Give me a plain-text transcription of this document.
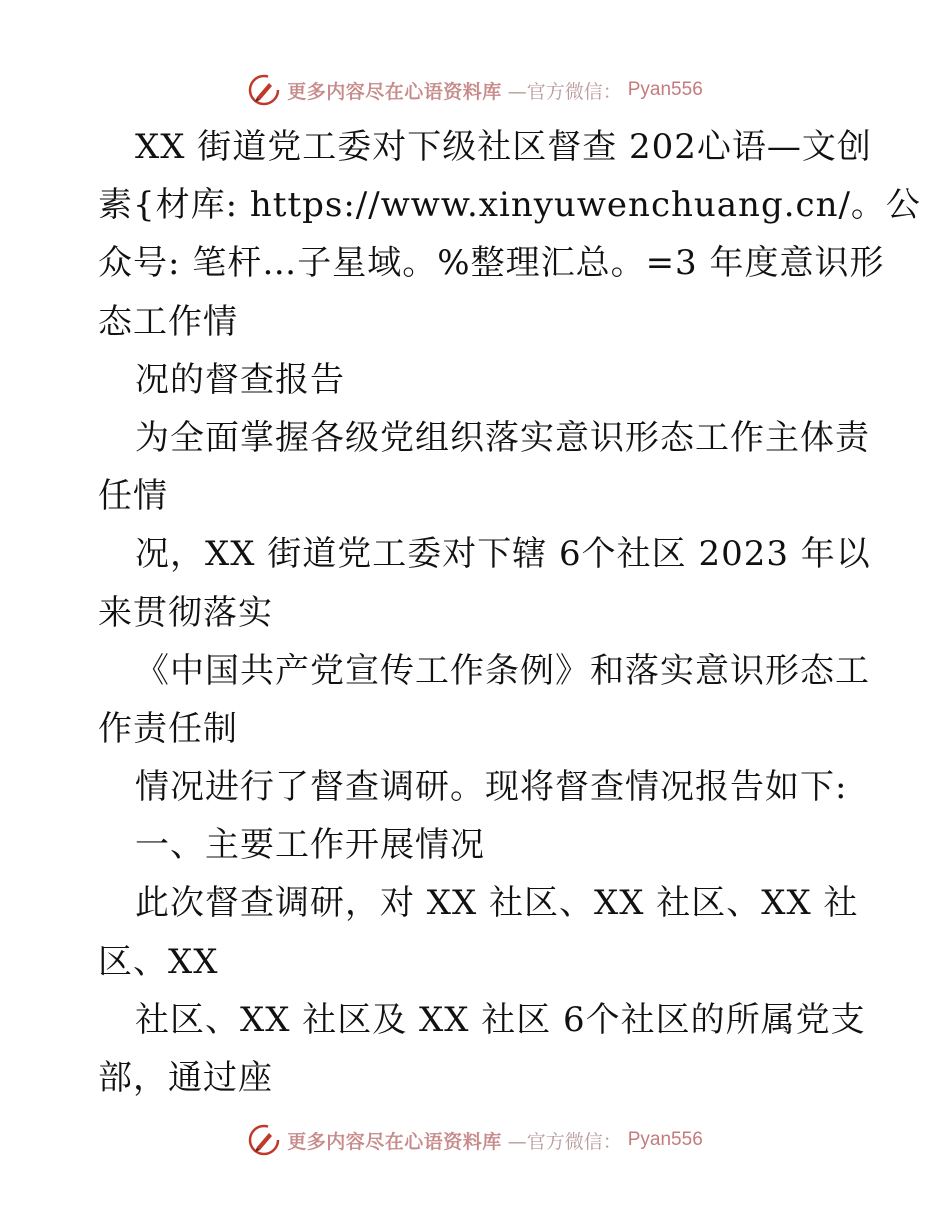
更多内容尽在心语资料库 —官方微信： Pyan556
XX 街道党工委对下级社区督查 202心语—文创
素{材库: https://www.xinyuwenchuang.cn/。公
众号: 笔杆…子星域。%整理汇总。=3 年度意识形
态工作情
况的督查报告
为全面掌握各级党组织落实意识形态工作主体责
任情
况，XX 街道党工委对下辖 6个社区 2023 年以
来贯彻落实
《中国共产党宣传工作条例》和落实意识形态工
作责任制
情况进行了督查调研。现将督查情况报告如下:
一、主要工作开展情况
此次督查调研，对 XX 社区、XX 社区、XX 社
区、XX
社区、XX 社区及 XX 社区 6个社区的所属党支
部，通过座
更多内容尽在心语资料库 —官方微信： Pyan556
